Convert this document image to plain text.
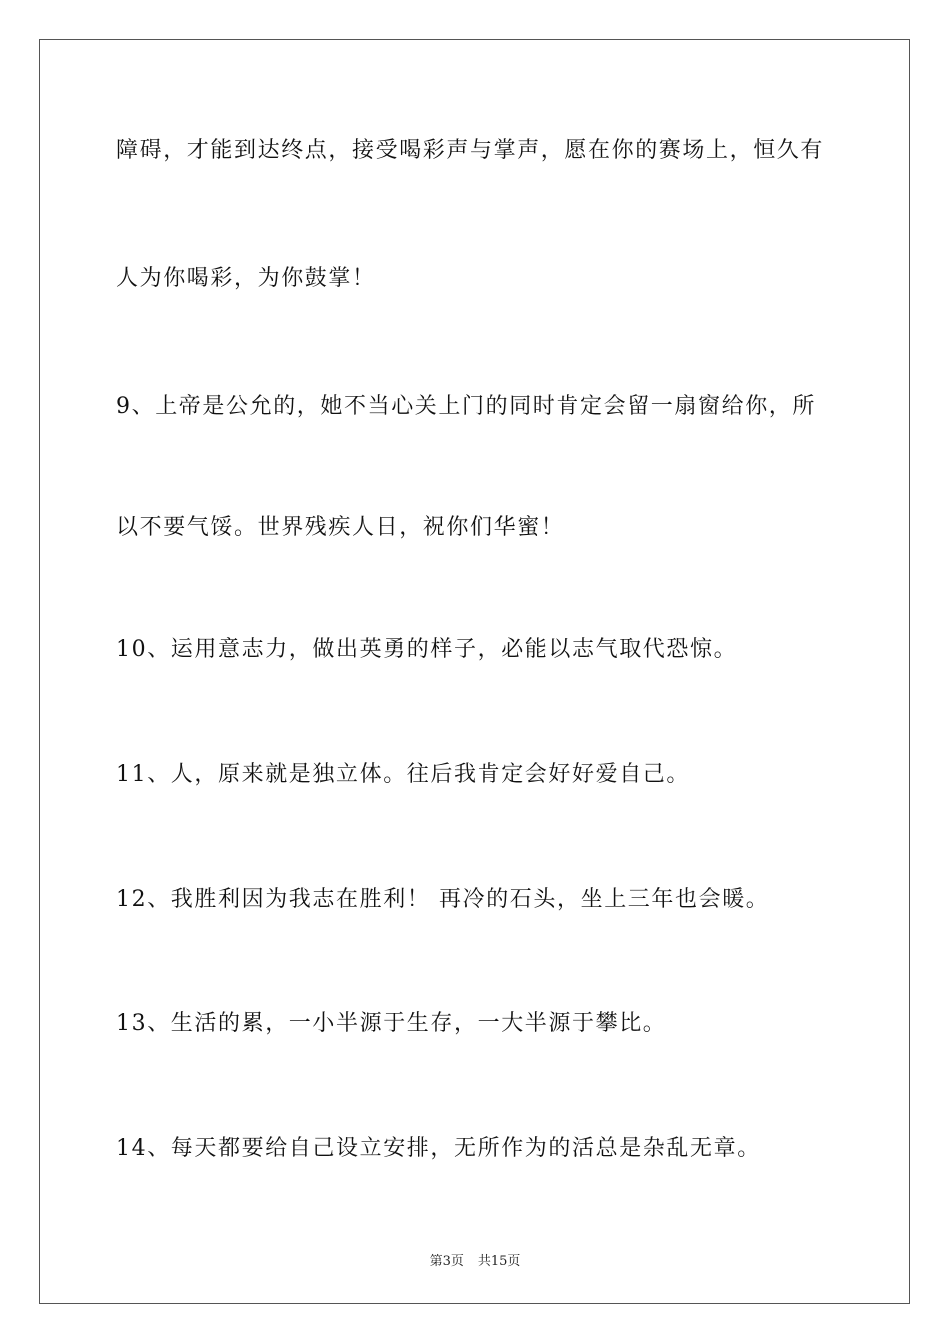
障碍，才能到达终点，接受喝彩声与掌声，愿在你的赛场上，恒久有
人为你喝彩，为你鼓掌！
9、上帝是公允的，她不当心关上门的同时肯定会留一扇窗给你，所
以不要气馁。世界残疾人日，祝你们华蜜！
10、运用意志力，做出英勇的样子，必能以志气取代恐惊。
11、人，原来就是独立体。往后我肯定会好好爱自己。
12、我胜利因为我志在胜利！ 再冷的石头，坐上三年也会暖。
13、生活的累，一小半源于生存，一大半源于攀比。
14、每天都要给自己设立安排，无所作为的活总是杂乱无章。
第3页 共15页
